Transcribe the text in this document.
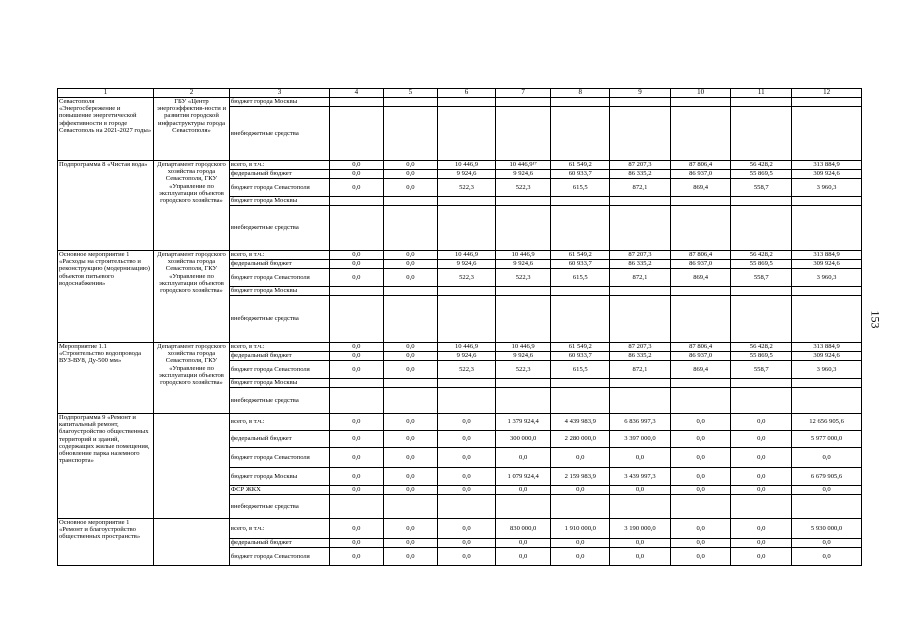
1	2	3	4	5	6	7	8	9	10	11	12
Севастополя «Энергосбережение и повышение энергетической эффективности в городе Севастополь на 2021-2027 годы»	ГБУ «Центр энергоэффектив-ности и развития городской инфраструктуры города Севастополя»	бюджет города Москвы									
		внебюджетные средства									
Подпрограмма 8 «Чистая вода»	Департамент городского хозяйства города Севастополя, ГКУ «Управление по эксплуатации объектов городского хозяйства»	всего, в т.ч.:	0,0	0,0	10 446,9	10 446,9¹⁷	61 549,2	87 207,3	87 806,4	56 428,2	313 884,9
		федеральный бюджет	0,0	0,0	9 924,6	9 924,6	60 933,7	86 335,2	86 937,0	55 869,5	309 924,6
		бюджет города Севастополя	0,0	0,0	522,3	522,3	615,5	872,1	869,4	558,7	3 960,3
		бюджет города Москвы									
		внебюджетные средства									
Основное мероприятие 1 «Расходы на строительство и реконструкцию (модернизацию) объектов питьевого водоснабжения»	Департамент городского хозяйства города Севастополя, ГКУ «Управление по эксплуатации объектов городского хозяйства»	всего, в т.ч.:	0,0	0,0	10 446,9	10 446,9	61 549,2	87 207,3	87 806,4	56 428,2	313 884,9
		федеральный бюджет	0,0	0,0	9 924,6	9 924,6	60 933,7	86 335,2	86 937,0	55 869,5	309 924,6
		бюджет города Севастополя	0,0	0,0	522,3	522,3	615,5	872,1	869,4	558,7	3 960,3
		бюджет города Москвы									
		внебюджетные средства									
Мероприятие 1.1 «Строительство водопровода ВУЗ-ВУ8, Ду-500 мм»	Департамент городского хозяйства города Севастополя, ГКУ «Управление по эксплуатации объектов городского хозяйства»	всего, в т.ч.:	0,0	0,0	10 446,9	10 446,9	61 549,2	87 207,3	87 806,4	56 428,2	313 884,9
		федеральный бюджет	0,0	0,0	9 924,6	9 924,6	60 933,7	86 335,2	86 937,0	55 869,5	309 924,6
		бюджет города Севастополя	0,0	0,0	522,3	522,3	615,5	872,1	869,4	558,7	3 960,3
		бюджет города Москвы									
		внебюджетные средства									
Подпрограмма 9 «Ремонт и капитальный ремонт, благоустройство общественных территорий и зданий, содержащих жилые помещения, обновление парка наземного транспорта»		всего, в т.ч.:	0,0	0,0	0,0	1 379 924,4	4 439 983,9	6 836 997,3	0,0	0,0	12 656 905,6
		федеральный бюджет	0,0	0,0	0,0	300 000,0	2 280 000,0	3 397 000,0	0,0	0,0	5 977 000,0
		бюджет города Севастополя	0,0	0,0	0,0	0,0	0,0	0,0	0,0	0,0	0,0
		бюджет города Москвы	0,0	0,0	0,0	1 079 924,4	2 159 983,9	3 439 997,3	0,0	0,0	6 679 905,6
		ФСР ЖКХ	0,0	0,0	0,0	0,0	0,0	0,0	0,0	0,0	0,0
		внебюджетные средства									
Основное мероприятие 1 «Ремонт и благоустройство общественных пространств»		всего, в т.ч.:	0,0	0,0	0,0	830 000,0	1 910 000,0	3 190 000,0	0,0	0,0	5 930 000,0
		федеральный бюджет	0,0	0,0	0,0	0,0	0,0	0,0	0,0	0,0	0,0
		бюджет города Севастополя	0,0	0,0	0,0	0,0	0,0	0,0	0,0	0,0	0,0
153
